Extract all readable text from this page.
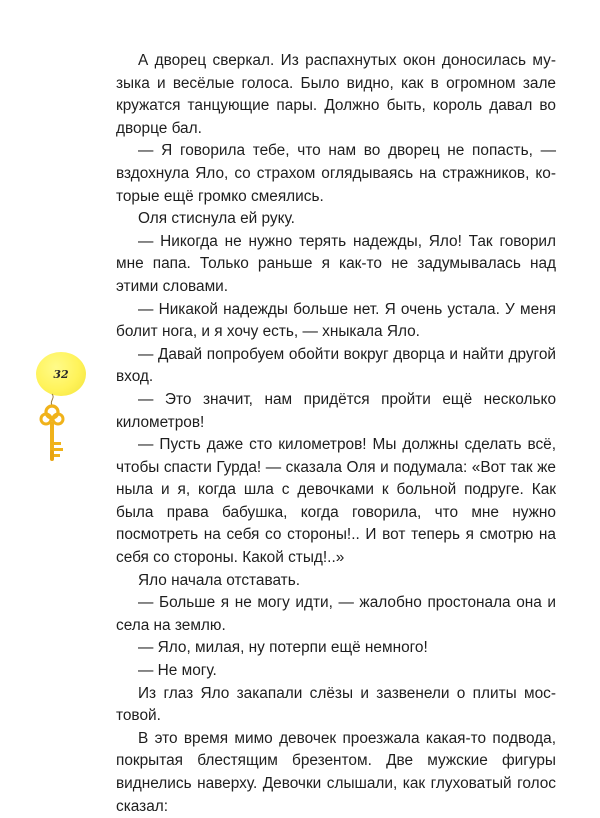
32

А дворец сверкал. Из распахнутых окон доносилась музыка и весёлые голоса. Было видно, как в огромном зале кружатся танцующие пары. Должно быть, король давал во дворце бал.

— Я говорила тебе, что нам во дворец не попасть, — вздохнула Яло, со страхом оглядываясь на стражников, которые ещё громко смеялись.

Оля стиснула ей руку.

— Никогда не нужно терять надежды, Яло! Так говорил мне папа. Только раньше я как-то не задумывалась над этими словами.

— Никакой надежды больше нет. Я очень устала. У меня болит нога, и я хочу есть, — хныкала Яло.

— Давай попробуем обойти вокруг дворца и найти другой вход.

— Это значит, нам придётся пройти ещё несколько километров!

— Пусть даже сто километров! Мы должны сделать всё, чтобы спасти Гурда! — сказала Оля и подумала: «Вот так же ныла и я, когда шла с девочками к больной подруге. Как была права бабушка, когда говорила, что мне нужно посмотреть на себя со стороны!.. И вот теперь я смотрю на себя со стороны. Какой стыд!..»

Яло начала отставать.

— Больше я не могу идти, — жалобно простонала она и села на землю.

— Яло, милая, ну потерпи ещё немного!

— Не могу.

Из глаз Яло закапали слёзы и зазвенели о плиты мостовой.

В это время мимо девочек проезжала какая-то подвода, покрытая блестящим брезентом. Две мужские фигуры виднелись наверху. Девочки слышали, как глуховатый голос сказал:
